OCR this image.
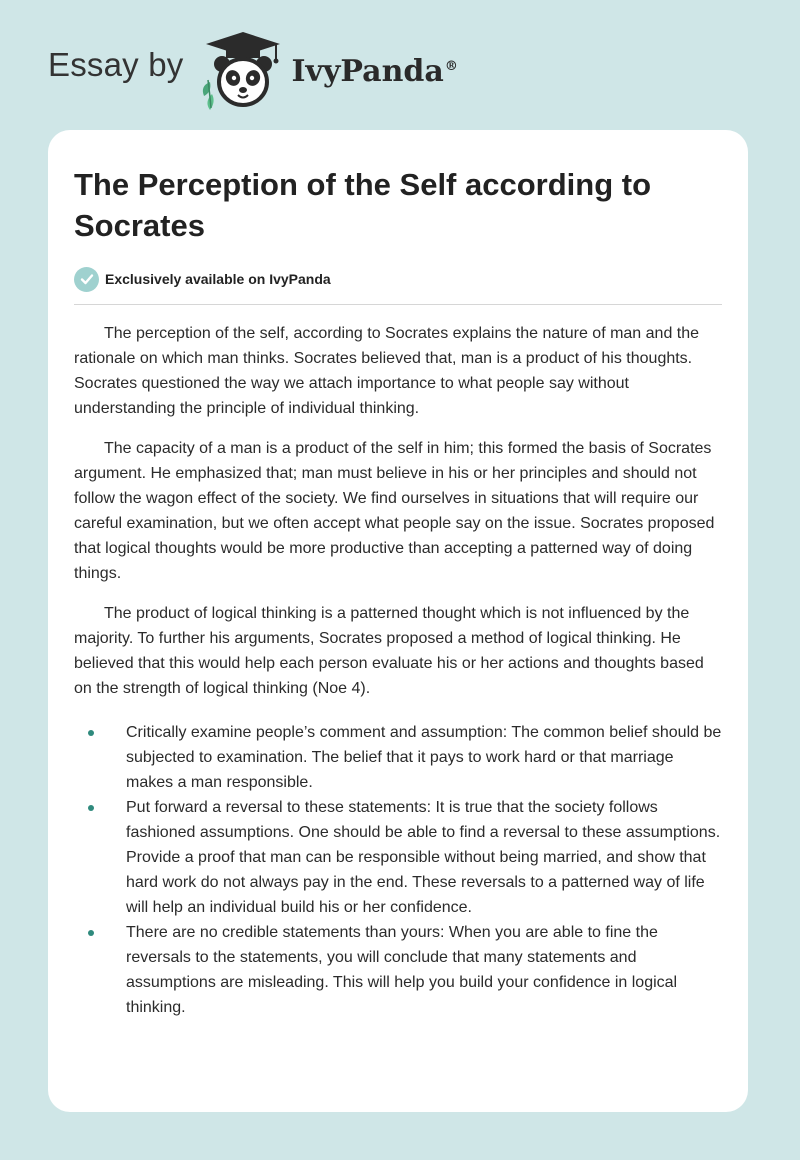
Essay by	IvyPanda®
The Perception of the Self according to Socrates
Exclusively available on IvyPanda

The perception of the self, according to Socrates explains the nature of man and the rationale on which man thinks. Socrates believed that, man is a product of his thoughts. Socrates questioned the way we attach importance to what people say without understanding the principle of individual thinking.

The capacity of a man is a product of the self in him; this formed the basis of Socrates argument. He emphasized that; man must believe in his or her principles and should not follow the wagon effect of the society. We find ourselves in situations that will require our careful examination, but we often accept what people say on the issue. Socrates proposed that logical thoughts would be more productive than accepting a patterned way of doing things.

The product of logical thinking is a patterned thought which is not influenced by the majority. To further his arguments, Socrates proposed a method of logical thinking. He believed that this would help each person evaluate his or her actions and thoughts based on the strength of logical thinking (Noe 4).

Critically examine people’s comment and assumption: The common belief should be subjected to examination. The belief that it pays to work hard or that marriage makes a man responsible.
Put forward a reversal to these statements: It is true that the society follows fashioned assumptions. One should be able to find a reversal to these assumptions. Provide a proof that man can be responsible without being married, and show that hard work do not always pay in the end. These reversals to a patterned way of life will help an individual build his or her confidence.
There are no credible statements than yours: When you are able to fine the reversals to the statements, you will conclude that many statements and assumptions are misleading. This will help you build your confidence in logical thinking.
